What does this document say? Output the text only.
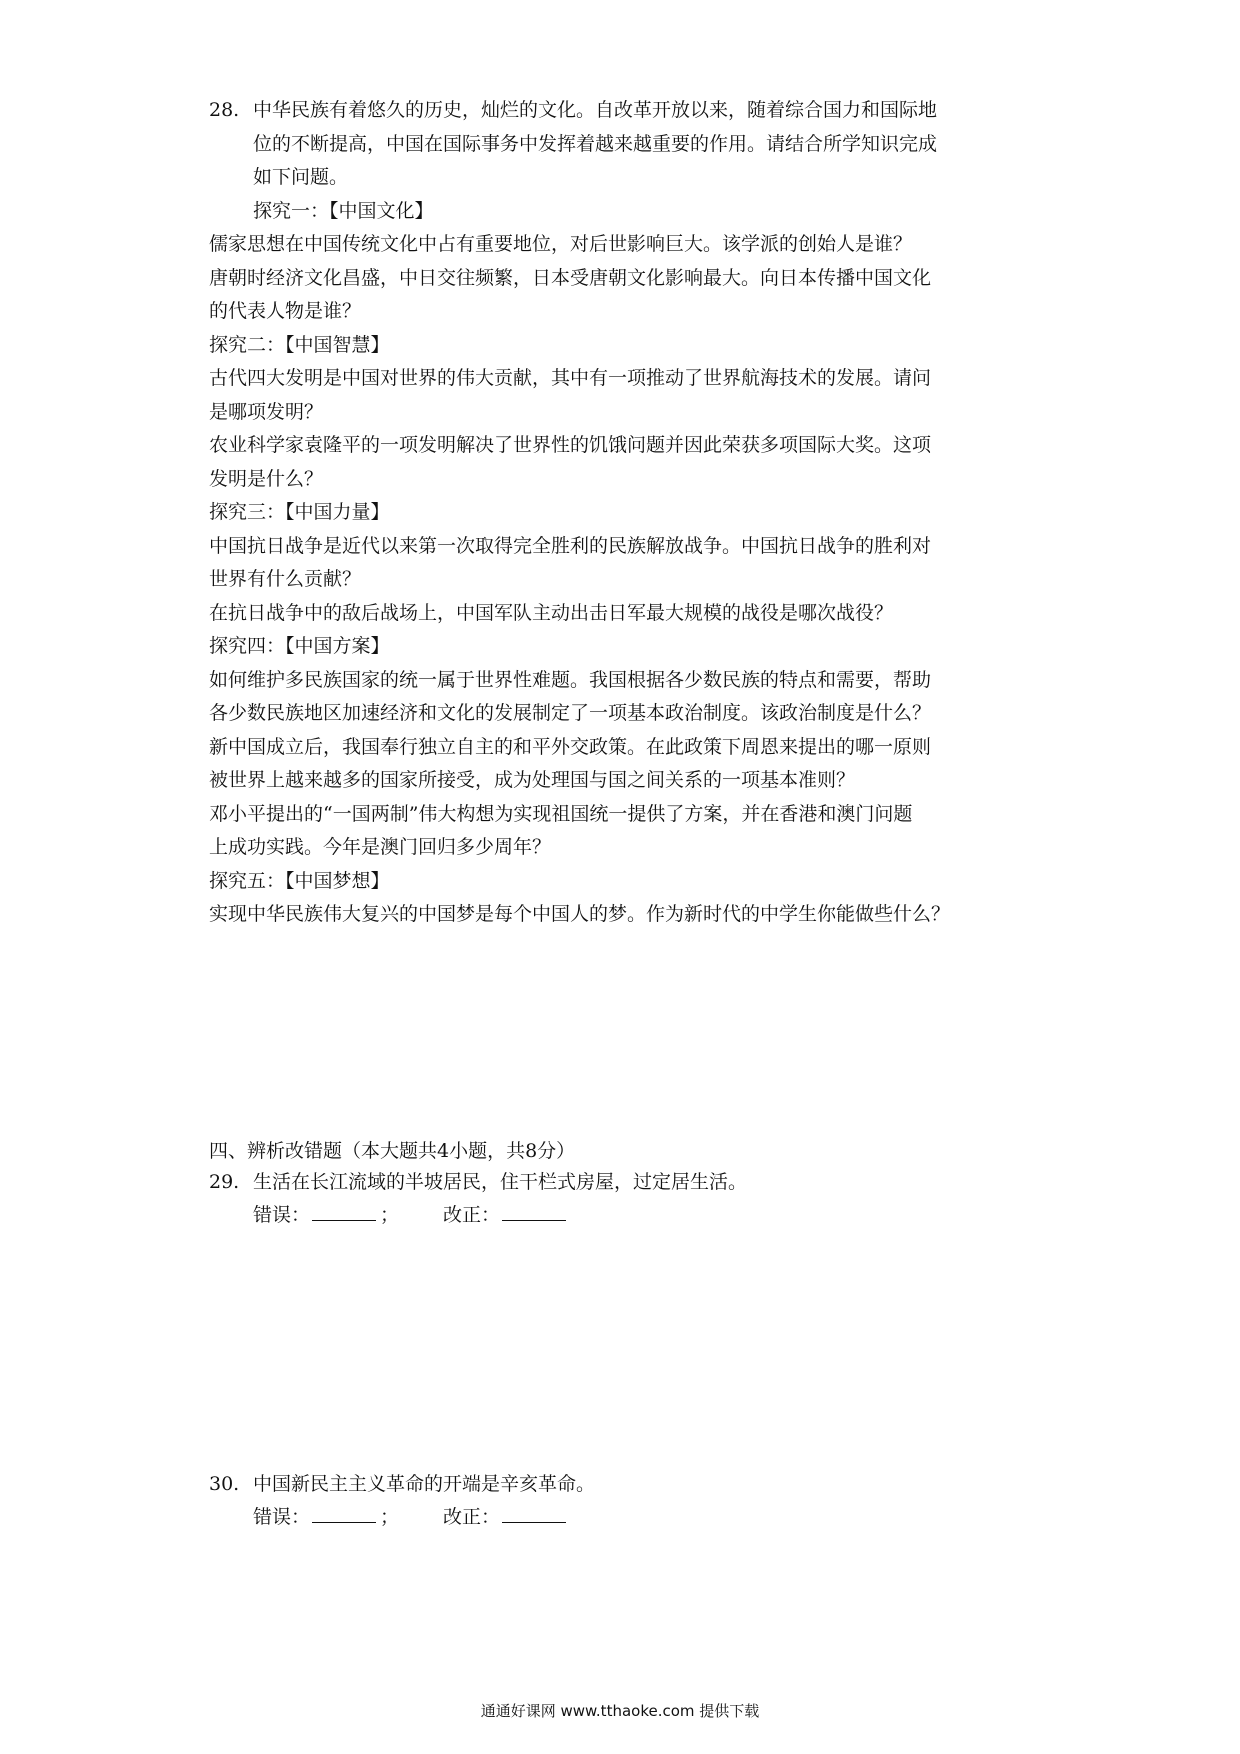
28. 中华民族有着悠久的历史，灿烂的文化。自改革开放以来，随着综合国力和国际地
位的不断提高，中国在国际事务中发挥着越来越重要的作用。请结合所学知识完成
如下问题。
探究一：【中国文化】
儒家思想在中国传统文化中占有重要地位，对后世影响巨大。该学派的创始人是谁？
唐朝时经济文化昌盛，中日交往频繁，日本受唐朝文化影响最大。向日本传播中国文化
的代表人物是谁？
探究二：【中国智慧】
古代四大发明是中国对世界的伟大贡献，其中有一项推动了世界航海技术的发展。请问
是哪项发明？
农业科学家袁隆平的一项发明解决了世界性的饥饿问题并因此荣获多项国际大奖。这项
发明是什么？
探究三：【中国力量】
中国抗日战争是近代以来第一次取得完全胜利的民族解放战争。中国抗日战争的胜利对
世界有什么贡献？
在抗日战争中的敌后战场上，中国军队主动出击日军最大规模的战役是哪次战役？
探究四：【中国方案】
如何维护多民族国家的统一属于世界性难题。我国根据各少数民族的特点和需要，帮助
各少数民族地区加速经济和文化的发展制定了一项基本政治制度。该政治制度是什么？
新中国成立后，我国奉行独立自主的和平外交政策。在此政策下周恩来提出的哪一原则
被世界上越来越多的国家所接受，成为处理国与国之间关系的一项基本准则？
邓小平提出的“一国两制”伟大构想为实现祖国统一提供了方案，并在香港和澳门问题
上成功实践。今年是澳门回归多少周年？
探究五：【中国梦想】
实现中华民族伟大复兴的中国梦是每个中国人的梦。作为新时代的中学生你能做些什么？
四、辨析改错题（本大题共4小题，共8分）
29. 生活在长江流域的半坡居民，住干栏式房屋，过定居生活。
错误：	； 改正：
30. 中国新民主主义革命的开端是辛亥革命。
错误：	； 改正：
通通好课网 www.tthaoke.com 提供下载
